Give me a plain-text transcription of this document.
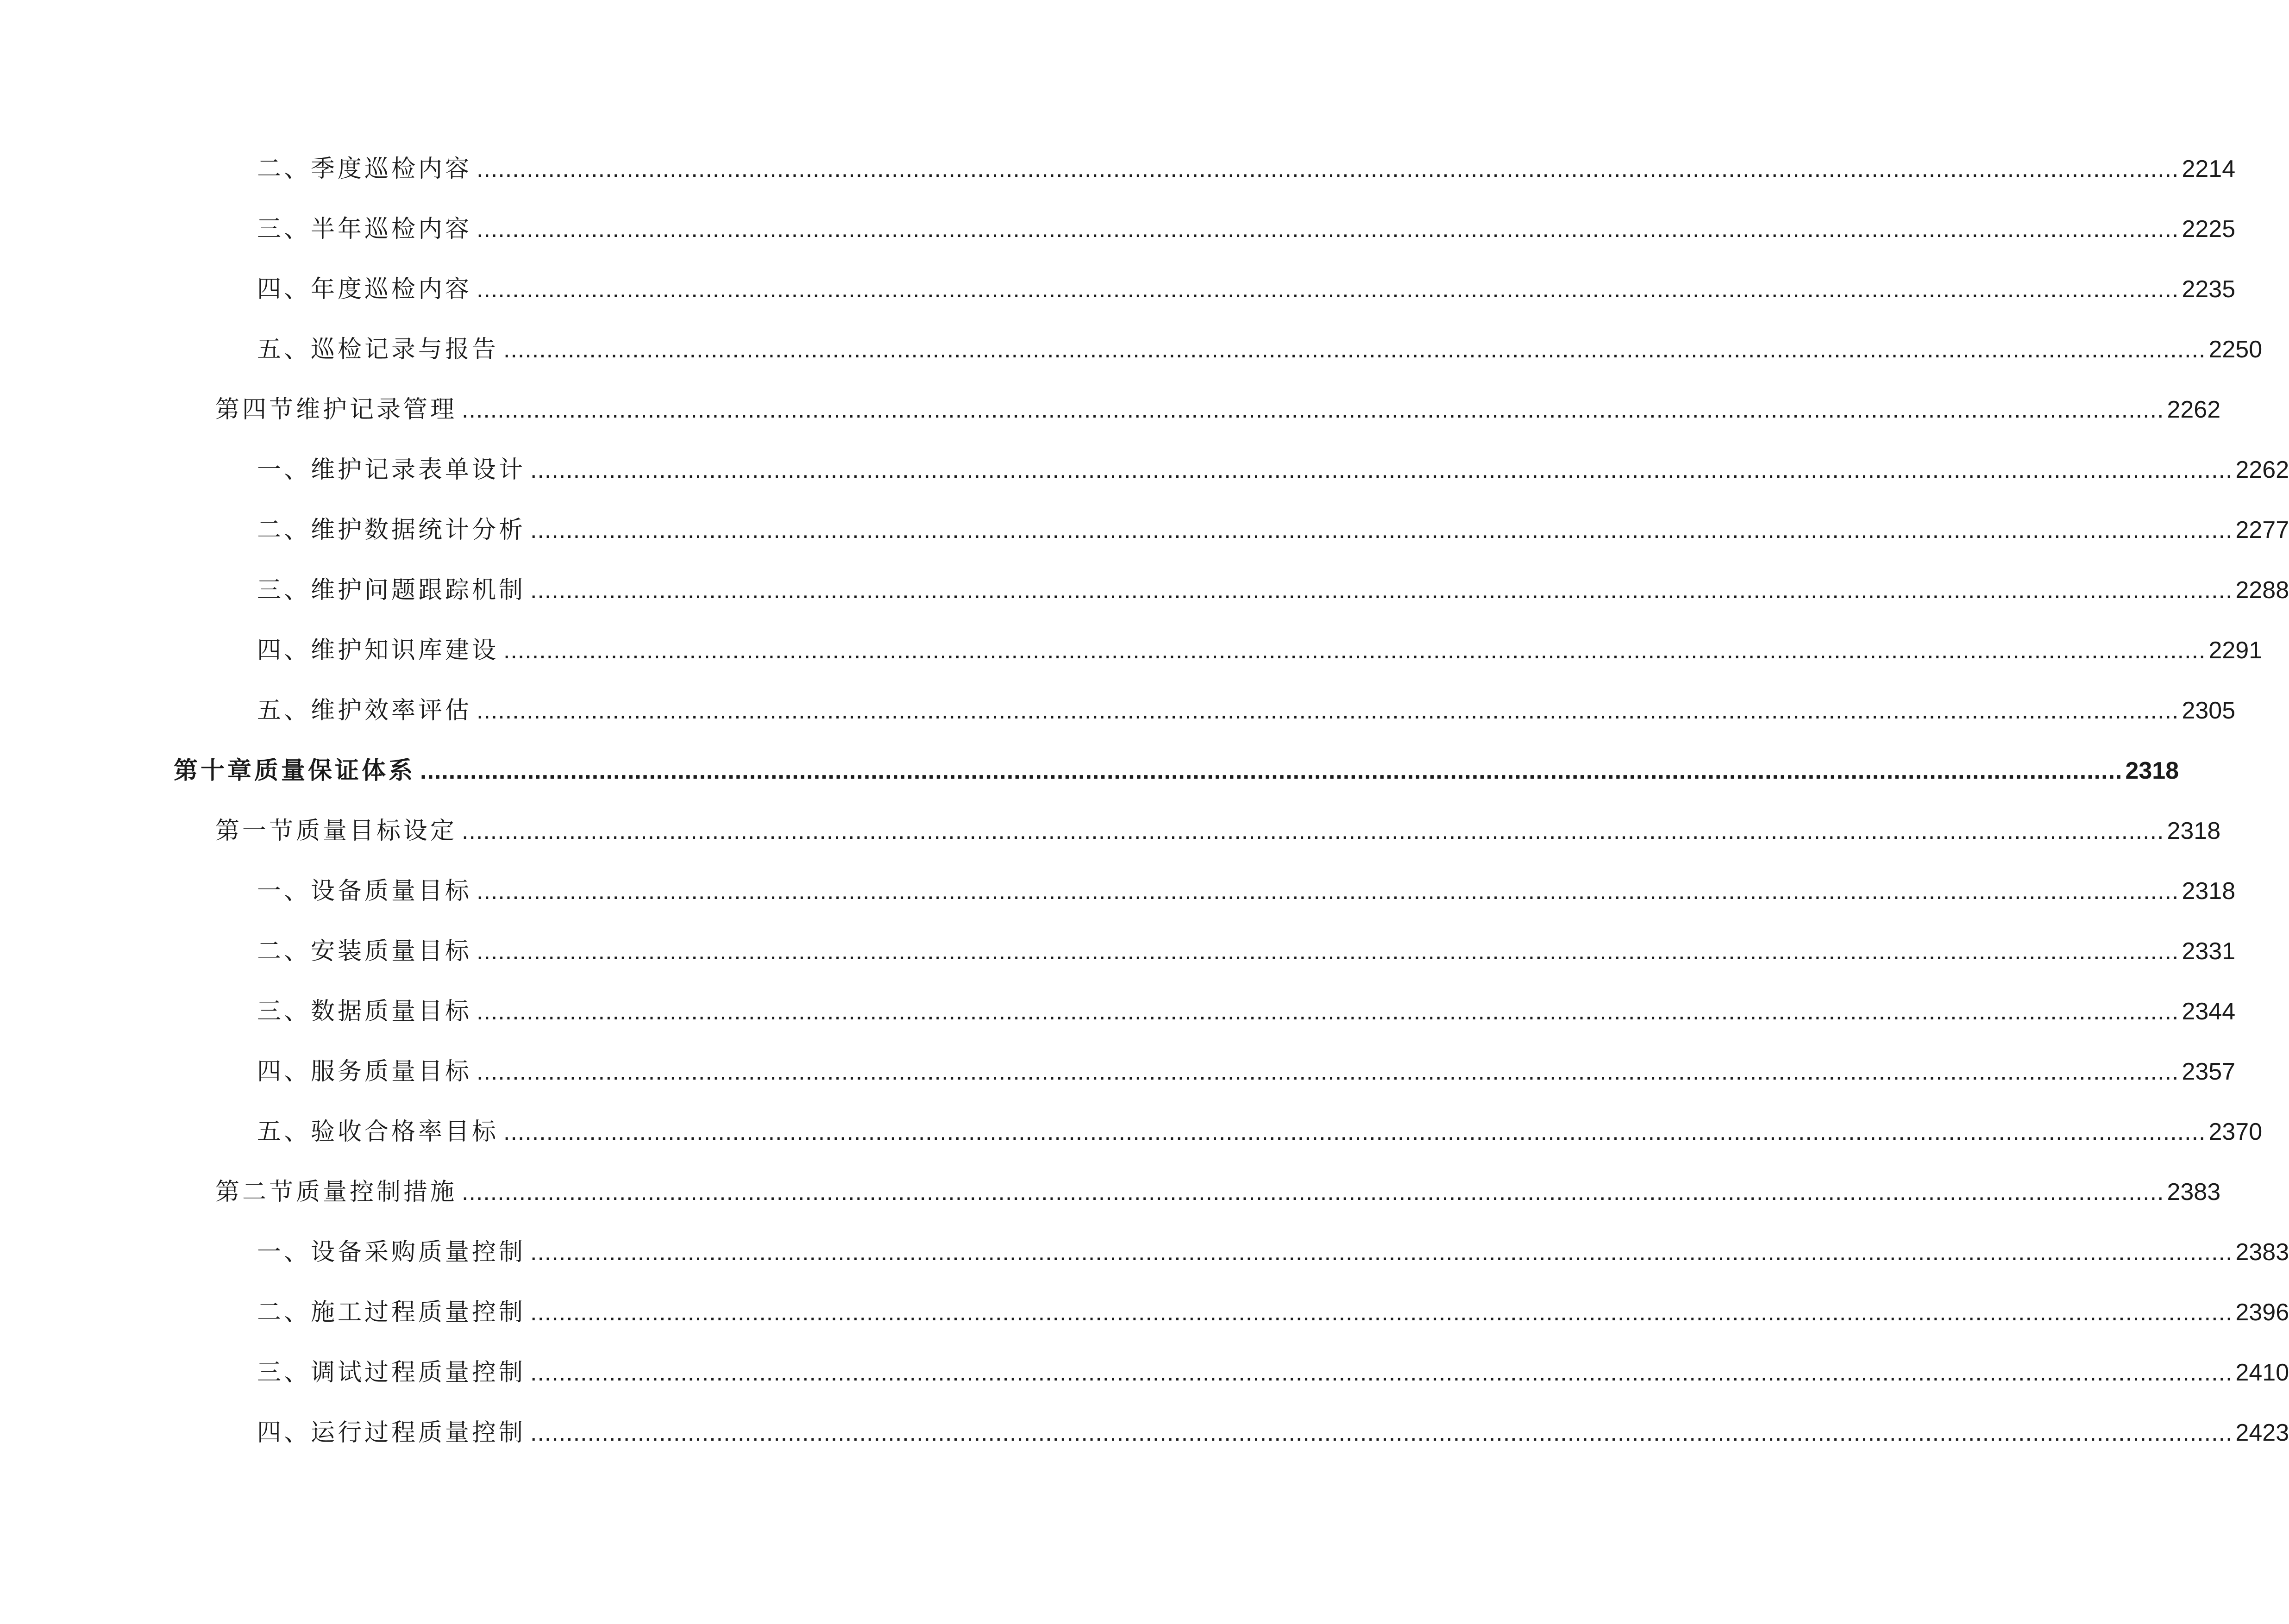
二、季度巡检内容 .............................................................................................................................................................................................................................................. 2214
三、半年巡检内容 .............................................................................................................................................................................................................................................. 2225
四、年度巡检内容 .............................................................................................................................................................................................................................................. 2235
五、巡检记录与报告 .............................................................................................................................................................................................................................................. 2250
第四节维护记录管理 .............................................................................................................................................................................................................................................. 2262
一、维护记录表单设计 .............................................................................................................................................................................................................................................. 2262
二、维护数据统计分析 .............................................................................................................................................................................................................................................. 2277
三、维护问题跟踪机制 .............................................................................................................................................................................................................................................. 2288
四、维护知识库建设 .............................................................................................................................................................................................................................................. 2291
五、维护效率评估 .............................................................................................................................................................................................................................................. 2305
第十章质量保证体系 .............................................................................................................................................................................................................................................. 2318
第一节质量目标设定 .............................................................................................................................................................................................................................................. 2318
一、设备质量目标 .............................................................................................................................................................................................................................................. 2318
二、安装质量目标 .............................................................................................................................................................................................................................................. 2331
三、数据质量目标 .............................................................................................................................................................................................................................................. 2344
四、服务质量目标 .............................................................................................................................................................................................................................................. 2357
五、验收合格率目标 .............................................................................................................................................................................................................................................. 2370
第二节质量控制措施 .............................................................................................................................................................................................................................................. 2383
一、设备采购质量控制 .............................................................................................................................................................................................................................................. 2383
二、施工过程质量控制 .............................................................................................................................................................................................................................................. 2396
三、调试过程质量控制 .............................................................................................................................................................................................................................................. 2410
四、运行过程质量控制 .............................................................................................................................................................................................................................................. 2423
